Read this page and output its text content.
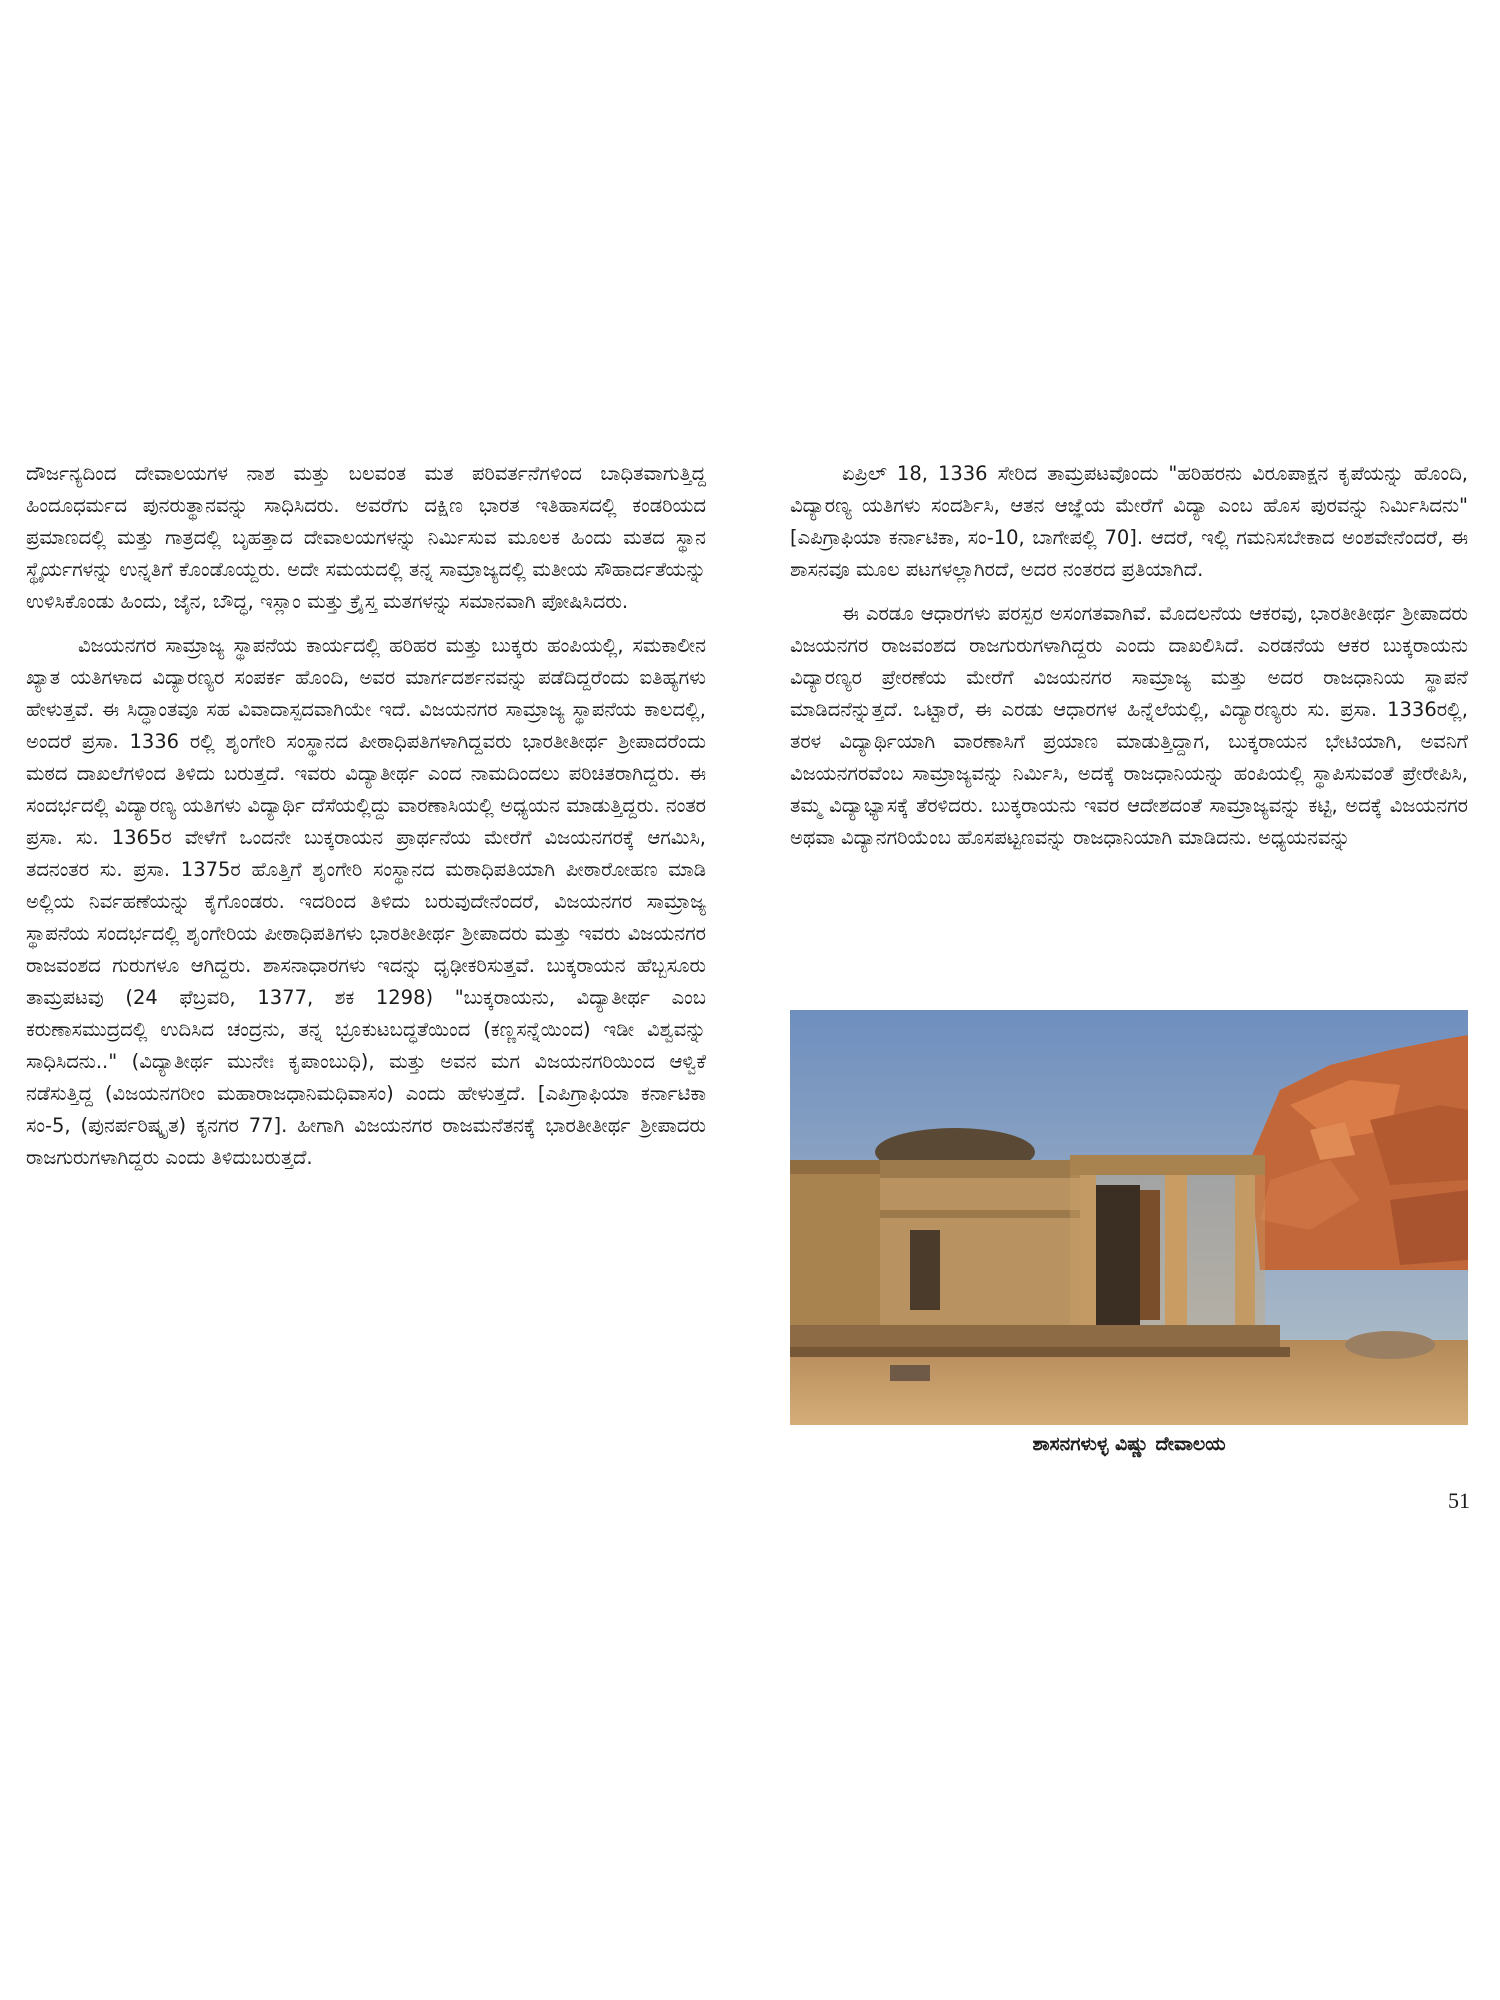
ದೌರ್ಜನ್ಯದಿಂದ ದೇವಾಲಯಗಳ ನಾಶ ಮತ್ತು ಬಲವಂತ ಮತ ಪರಿವರ್ತನೆಗಳಿಂದ ಬಾಧಿತವಾಗುತ್ತಿದ್ದ ಹಿಂದೂಧರ್ಮದ ಪುನರುತ್ಥಾನವನ್ನು ಸಾಧಿಸಿದರು. ಅವರೆಗು ದಕ್ಷಿಣ ಭಾರತ ಇತಿಹಾಸದಲ್ಲಿ ಕಂಡರಿಯದ ಪ್ರಮಾಣದಲ್ಲಿ ಮತ್ತು ಗಾತ್ರದಲ್ಲಿ ಬೃಹತ್ತಾದ ದೇವಾಲಯಗಳನ್ನು ನಿರ್ಮಿಸುವ ಮೂಲಕ ಹಿಂದು ಮತದ ಸ್ಥಾನ ಸ್ಥೈರ್ಯಗಳನ್ನು ಉನ್ನತಿಗೆ ಕೊಂಡೊಯ್ದರು. ಅದೇ ಸಮಯದಲ್ಲಿ ತನ್ನ ಸಾಮ್ರಾಜ್ಯದಲ್ಲಿ ಮತೀಯ ಸೌಹಾರ್ದತೆಯನ್ನು ಉಳಿಸಿಕೊಂಡು ಹಿಂದು, ಜೈನ, ಬೌದ್ಧ, ಇಸ್ಲಾಂ ಮತ್ತು ಕ್ರೈಸ್ತ ಮತಗಳನ್ನು ಸಮಾನವಾಗಿ ಪೋಷಿಸಿದರು.

ವಿಜಯನಗರ ಸಾಮ್ರಾಜ್ಯ ಸ್ಥಾಪನೆಯ ಕಾರ್ಯದಲ್ಲಿ ಹರಿಹರ ಮತ್ತು ಬುಕ್ಕರು ಹಂಪಿಯಲ್ಲಿ, ಸಮಕಾಲೀನ ಖ್ಯಾತ ಯತಿಗಳಾದ ವಿದ್ಯಾರಣ್ಯರ ಸಂಪರ್ಕ ಹೊಂದಿ, ಅವರ ಮಾರ್ಗದರ್ಶನವನ್ನು ಪಡೆದಿದ್ದರೆಂದು ಐತಿಹ್ಯಗಳು ಹೇಳುತ್ತವೆ. ಈ ಸಿದ್ಧಾಂತವೂ ಸಹ ವಿವಾದಾಸ್ಪದವಾಗಿಯೇ ಇದೆ. ವಿಜಯನಗರ ಸಾಮ್ರಾಜ್ಯ ಸ್ಥಾಪನೆಯ ಕಾಲದಲ್ಲಿ, ಅಂದರೆ ಪ್ರಸಾ. 1336 ರಲ್ಲಿ ಶೃಂಗೇರಿ ಸಂಸ್ಥಾನದ ಪೀಠಾಧಿಪತಿಗಳಾಗಿದ್ದವರು ಭಾರತೀತೀರ್ಥ ಶ್ರೀಪಾದರೆಂದು ಮಠದ ದಾಖಲೆಗಳಿಂದ ತಿಳಿದು ಬರುತ್ತದೆ. ಇವರು ವಿದ್ಯಾತೀರ್ಥ ಎಂದ ನಾಮದಿಂದಲು ಪರಿಚಿತರಾಗಿದ್ದರು. ಈ ಸಂದರ್ಭದಲ್ಲಿ ವಿದ್ಯಾರಣ್ಯ ಯತಿಗಳು ವಿದ್ಯಾರ್ಥಿ ದೆಸೆಯಲ್ಲಿದ್ದು ವಾರಣಾಸಿಯಲ್ಲಿ ಅಧ್ಯಯನ ಮಾಡುತ್ತಿದ್ದರು. ನಂತರ ಪ್ರಸಾ. ಸು. 1365ರ ವೇಳೆಗೆ ಒಂದನೇ ಬುಕ್ಕರಾಯನ ಪ್ರಾರ್ಥನೆಯ ಮೇರೆಗೆ ವಿಜಯನಗರಕ್ಕೆ ಆಗಮಿಸಿ, ತದನಂತರ ಸು. ಪ್ರಸಾ. 1375ರ ಹೊತ್ತಿಗೆ ಶೃಂಗೇರಿ ಸಂಸ್ಥಾನದ ಮಠಾಧಿಪತಿಯಾಗಿ ಪೀಠಾರೋಹಣ ಮಾಡಿ ಅಲ್ಲಿಯ ನಿರ್ವಹಣೆಯನ್ನು ಕೈಗೊಂಡರು. ಇದರಿಂದ ತಿಳಿದು ಬರುವುದೇನೆಂದರೆ, ವಿಜಯನಗರ ಸಾಮ್ರಾಜ್ಯ ಸ್ಥಾಪನೆಯ ಸಂದರ್ಭದಲ್ಲಿ ಶೃಂಗೇರಿಯ ಪೀಠಾಧಿಪತಿಗಳು ಭಾರತೀತೀರ್ಥ ಶ್ರೀಪಾದರು ಮತ್ತು ಇವರು ವಿಜಯನಗರ ರಾಜವಂಶದ ಗುರುಗಳೂ ಆಗಿದ್ದರು. ಶಾಸನಾಧಾರಗಳು ಇದನ್ನು ಧೃಢೀಕರಿಸುತ್ತವೆ. ಬುಕ್ಕರಾಯನ ಹೆಬ್ಬಸೂರು ತಾಮ್ರಪಟವು (24 ಫೆಬ್ರವರಿ, 1377, ಶಕ 1298) "ಬುಕ್ಕರಾಯನು, ವಿದ್ಯಾತೀರ್ಥ ಎಂಬ ಕರುಣಾಸಮುದ್ರದಲ್ಲಿ ಉದಿಸಿದ ಚಂದ್ರನು, ತನ್ನ ಭ್ರೂಕುಟಬದ್ಧತೆಯಿಂದ (ಕಣ್ಣಸನ್ನೆಯಿಂದ) ಇಡೀ ವಿಶ್ವವನ್ನು ಸಾಧಿಸಿದನು.." (ವಿದ್ಯಾತೀರ್ಥ ಮುನೇಃ ಕೃಪಾಂಬುಧಿ), ಮತ್ತು ಅವನ ಮಗ ವಿಜಯನಗರಿಯಿಂದ ಆಳ್ವಿಕೆ ನಡೆಸುತ್ತಿದ್ದ (ವಿಜಯನಗರೀಂ ಮಹಾರಾಜಧಾನಿಮಧಿವಾಸಂ) ಎಂದು ಹೇಳುತ್ತದೆ. [ಎಪಿಗ್ರಾಫಿಯಾ ಕರ್ನಾಟಿಕಾ ಸಂ-5, (ಪುನರ್ಪರಿಷ್ಕೃತ) ಕೃನಗರ 77]. ಹೀಗಾಗಿ ವಿಜಯನಗರ ರಾಜಮನೆತನಕ್ಕೆ ಭಾರತೀತೀರ್ಥ ಶ್ರೀಪಾದರು ರಾಜಗುರುಗಳಾಗಿದ್ದರು ಎಂದು ತಿಳಿದುಬರುತ್ತದೆ.

ಏಪ್ರಿಲ್ 18, 1336 ಸೇರಿದ ತಾಮ್ರಪಟವೊಂದು "ಹರಿಹರನು ವಿರೂಪಾಕ್ಷನ ಕೃಪೆಯನ್ನು ಹೊಂದಿ, ವಿದ್ಯಾರಣ್ಯ ಯತಿಗಳು ಸಂದರ್ಶಿಸಿ, ಆತನ ಆಜ್ಞೆಯ ಮೇರೆಗೆ ವಿದ್ಯಾ ಎಂಬ ಹೊಸ ಪುರವನ್ನು ನಿರ್ಮಿಸಿದನು" [ಎಪಿಗ್ರಾಫಿಯಾ ಕರ್ನಾಟಿಕಾ, ಸಂ-10, ಬಾಗೇಪಲ್ಲಿ 70]. ಆದರೆ, ಇಲ್ಲಿ ಗಮನಿಸಬೇಕಾದ ಅಂಶವೇನೆಂದರೆ, ಈ ಶಾಸನವೂ ಮೂಲ ಪಟಗಳಲ್ಲಾಗಿರದೆ, ಅದರ ನಂತರದ ಪ್ರತಿಯಾಗಿದೆ.

ಈ ಎರಡೂ ಆಧಾರಗಳು ಪರಸ್ಪರ ಅಸಂಗತವಾಗಿವೆ. ಮೊದಲನೆಯ ಆಕರವು, ಭಾರತೀತೀರ್ಥ ಶ್ರೀಪಾದರು ವಿಜಯನಗರ ರಾಜವಂಶದ ರಾಜಗುರುಗಳಾಗಿದ್ದರು ಎಂದು ದಾಖಲಿಸಿದೆ. ಎರಡನೆಯ ಆಕರ ಬುಕ್ಕರಾಯನು ವಿದ್ಯಾರಣ್ಯರ ಪ್ರೇರಣೆಯ ಮೇರೆಗೆ ವಿಜಯನಗರ ಸಾಮ್ರಾಜ್ಯ ಮತ್ತು ಅದರ ರಾಜಧಾನಿಯ ಸ್ಥಾಪನೆ ಮಾಡಿದನೆನ್ನುತ್ತದೆ. ಒಟ್ಟಾರೆ, ಈ ಎರಡು ಆಧಾರಗಳ ಹಿನ್ನೆಲೆಯಲ್ಲಿ, ವಿದ್ಯಾರಣ್ಯರು ಸು. ಪ್ರಸಾ. 1336ರಲ್ಲಿ, ತರಳ ವಿದ್ಯಾರ್ಥಿಯಾಗಿ ವಾರಣಾಸಿಗೆ ಪ್ರಯಾಣ ಮಾಡುತ್ತಿದ್ದಾಗ, ಬುಕ್ಕರಾಯನ ಭೇಟಿಯಾಗಿ, ಅವನಿಗೆ ವಿಜಯನಗರವೆಂಬ ಸಾಮ್ರಾಜ್ಯವನ್ನು ನಿರ್ಮಿಸಿ, ಅದಕ್ಕೆ ರಾಜಧಾನಿಯನ್ನು ಹಂಪಿಯಲ್ಲಿ ಸ್ಥಾಪಿಸುವಂತೆ ಪ್ರೇರೇಪಿಸಿ, ತಮ್ಮ ವಿದ್ಯಾಭ್ಯಾಸಕ್ಕೆ ತೆರಳಿದರು. ಬುಕ್ಕರಾಯನು ಇವರ ಆದೇಶದಂತೆ ಸಾಮ್ರಾಜ್ಯವನ್ನು ಕಟ್ಟಿ, ಅದಕ್ಕೆ ವಿಜಯನಗರ ಅಥವಾ ವಿದ್ಯಾನಗರಿಯೆಂಬ ಹೊಸಪಟ್ಟಣವನ್ನು ರಾಜಧಾನಿಯಾಗಿ ಮಾಡಿದನು. ಅಧ್ಯಯನವನ್ನು

ಶಾಸನಗಳುಳ್ಳ ವಿಷ್ಣು ದೇವಾಲಯ
51
